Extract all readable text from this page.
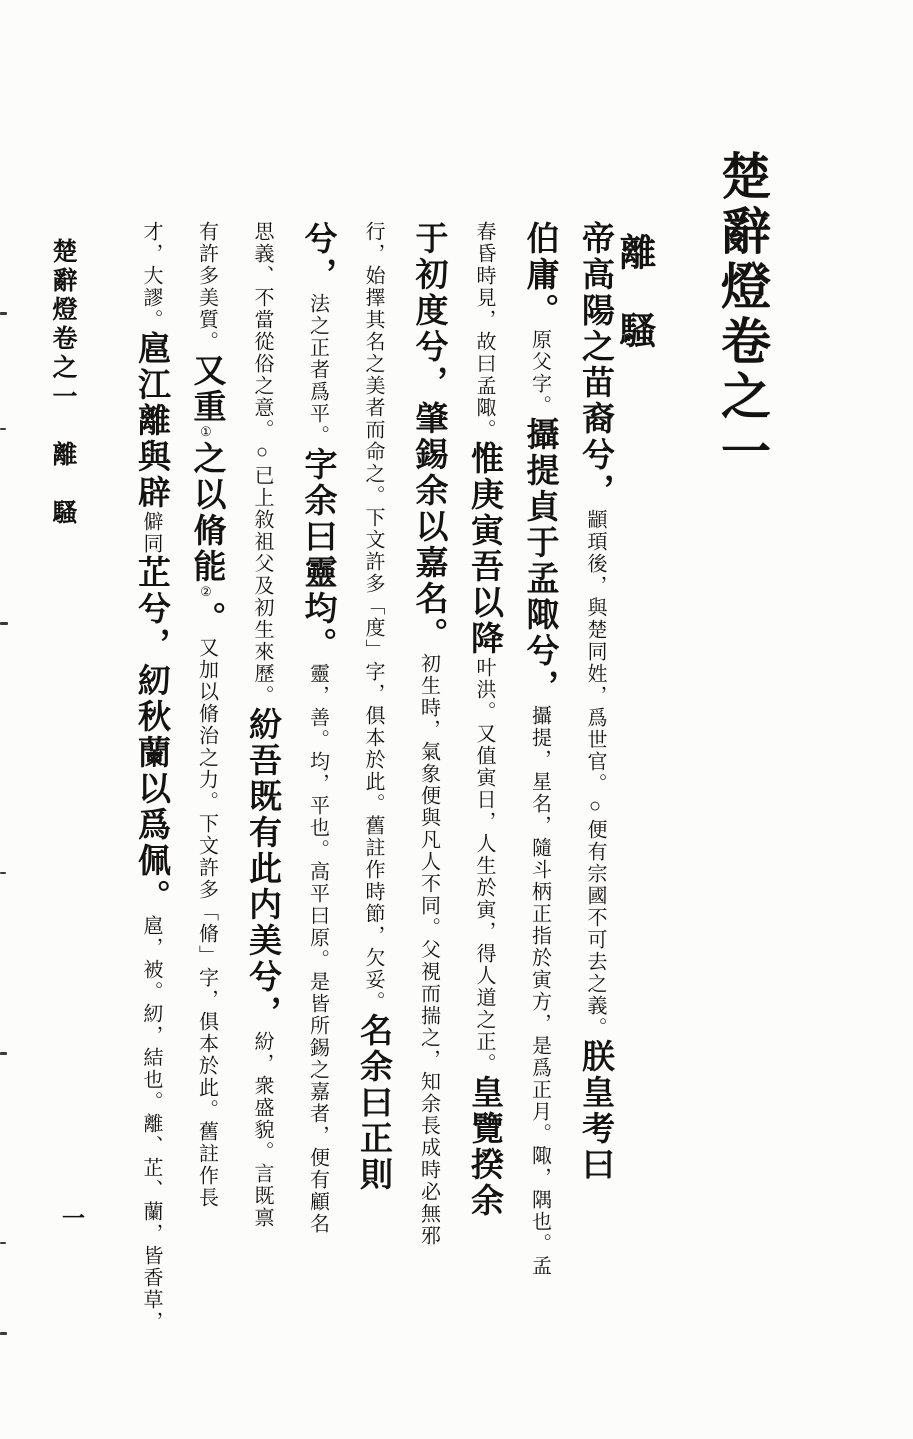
楚辭燈卷之一
離　騷
帝高陽之苗裔兮，顓頊後，與楚同姓，爲世官。○便有宗國不可去之義。朕皇考曰
伯庸。原父字。攝提貞于孟陬兮，攝提，星名，隨斗柄正指於寅方，是爲正月。陬，隅也。孟
春昏時見，故曰孟陬。惟庚寅吾以降叶洪。又值寅日，人生於寅，得人道之正。皇覽揆余
于初度兮，肇錫余以嘉名。初生時，氣象便與凡人不同。父視而揣之，知余長成時必無邪
行，始擇其名之美者而命之。下文許多「度」字，俱本於此。舊註作時節，欠妥。名余曰正則
兮，法之正者爲平。字余曰靈均。靈，善。均，平也。高平曰原。是皆所錫之嘉者，便有顧名
思義、不當從俗之意。○已上敘祖父及初生來歷。紛吾既有此内美兮，紛，衆盛貌。言既禀
有許多美質。又重①之以脩能②。又加以脩治之力。下文許多「脩」字，俱本於此。舊註作長
才，大謬。扈江離與辟僻同芷兮，紉秋蘭以爲佩。扈，被。紉，結也。離、芷、蘭，皆香草，
楚辭燈卷之一　離　騷
一
